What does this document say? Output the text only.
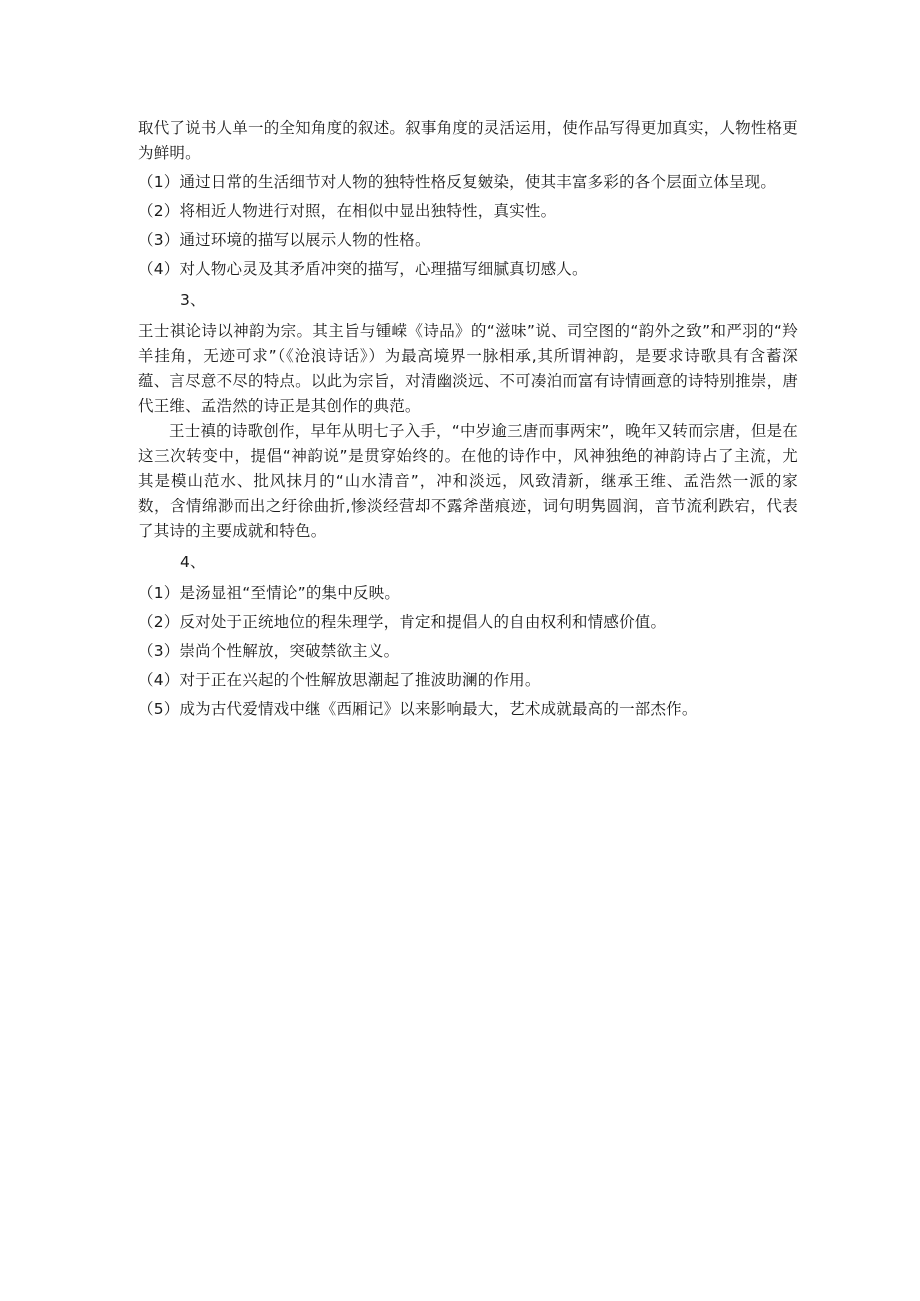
取代了说书人单一的全知角度的叙述。叙事角度的灵活运用，使作品写得更加真实，人物性格更为鲜明。

（1）通过日常的生活细节对人物的独特性格反复皴染，使其丰富多彩的各个层面立体呈现。

（2）将相近人物进行对照，在相似中显出独特性，真实性。

（3）通过环境的描写以展示人物的性格。

（4）对人物心灵及其矛盾冲突的描写，心理描写细腻真切感人。

3、

王士祺论诗以神韵为宗。其主旨与锺嵘《诗品》的“滋味”说、司空图的“韵外之致”和严羽的“羚羊挂角，无迹可求”（《沧浪诗话》）为最高境界一脉相承,其所谓神韵，是要求诗歌具有含蓄深蕴、言尽意不尽的特点。以此为宗旨，对清幽淡远、不可凑泊而富有诗情画意的诗特别推崇，唐代王维、孟浩然的诗正是其创作的典范。

王士禛的诗歌创作，早年从明七子入手，“中岁逾三唐而事两宋”，晚年又转而宗唐，但是在这三次转变中，提倡“神韵说”是贯穿始终的。在他的诗作中，风神独绝的神韵诗占了主流，尤其是模山范水、批风抹月的“山水清音”，冲和淡远，风致清新，继承王维、孟浩然一派的家数，含情绵渺而出之纡徐曲折,惨淡经营却不露斧凿痕迹，词句明隽圆润，音节流利跌宕，代表了其诗的主要成就和特色。

4、

（1）是汤显祖“至情论”的集中反映。

（2）反对处于正统地位的程朱理学，肯定和提倡人的自由权利和情感价值。

（3）崇尚个性解放，突破禁欲主义。

（4）对于正在兴起的个性解放思潮起了推波助澜的作用。

（5）成为古代爱情戏中继《西厢记》以来影响最大，艺术成就最高的一部杰作。
